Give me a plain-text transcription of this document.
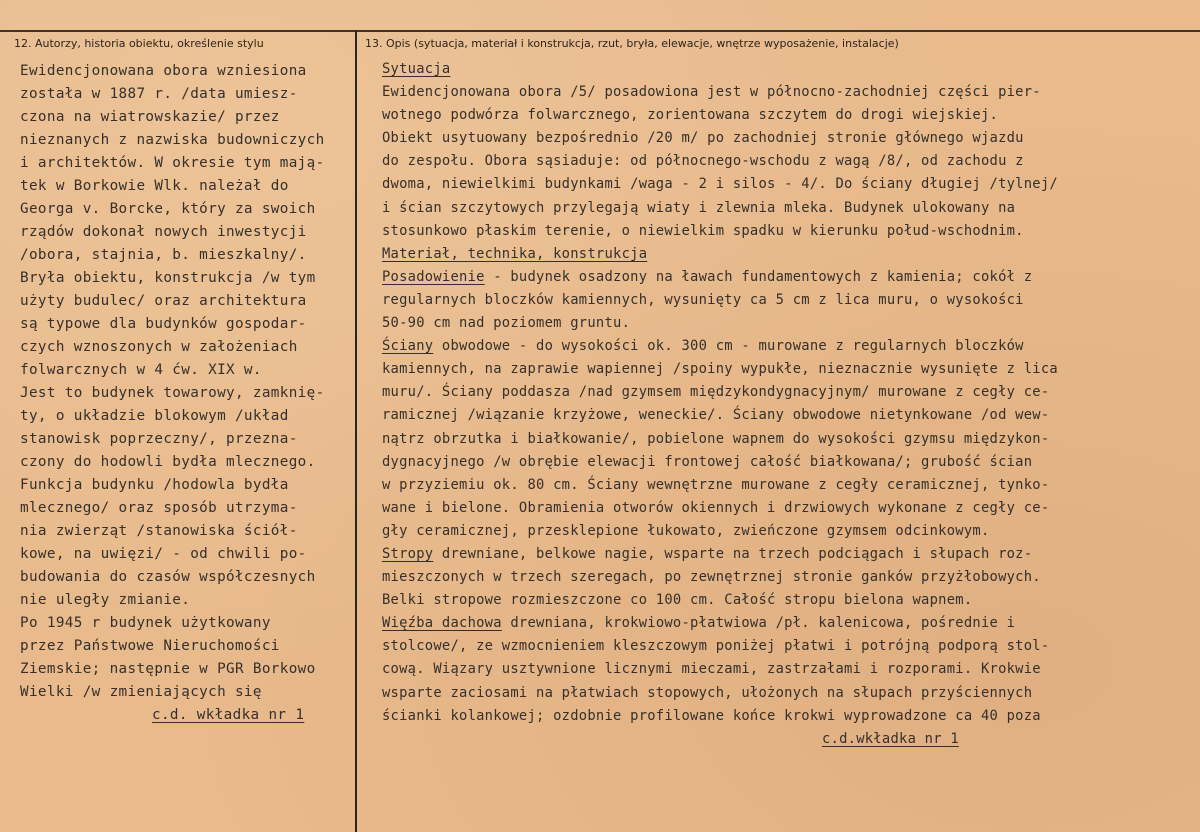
12. Autorzy, historia obiektu, określenie stylu	13. Opis (sytuacja, materiał i konstrukcja, rzut, bryła, elewacje, wnętrze wyposażenie, instalacje)
Ewidencjonowana obora wzniesiona
została w 1887 r. /data umiesz-
czona na wiatrowskazie/ przez
nieznanych z nazwiska budowniczych
i architektów. W okresie tym mają-
tek w Borkowie Wlk. należał do
Georga v. Borcke, który za swoich
rządów dokonał nowych inwestycji
/obora, stajnia, b. mieszkalny/.
Bryła obiektu, konstrukcja /w tym
użyty budulec/ oraz architektura
są typowe dla budynków gospodar-
czych wznoszonych w założeniach
folwarcznych w 4 ćw. XIX w.
Jest to budynek towarowy, zamknię-
ty, o układzie blokowym /układ
stanowisk poprzeczny/, przezna-
czony do hodowli bydła mlecznego.
Funkcja budynku /hodowla bydła
mlecznego/ oraz sposób utrzyma-
nia zwierząt /stanowiska ściół-
kowe, na uwięzi/ - od chwili po-
budowania do czasów współczesnych
nie uległy zmianie.
Po 1945 r budynek użytkowany
przez Państwowe Nieruchomości
Ziemskie; następnie w PGR Borkowo
Wielki /w zmieniających się
c.d. wkładka nr 1
Sytuacja
Ewidencjonowana obora /5/ posadowiona jest w północno-zachodniej części pier-
wotnego podwórza folwarcznego, zorientowana szczytem do drogi wiejskiej.
Obiekt usytuowany bezpośrednio /20 m/ po zachodniej stronie głównego wjazdu
do zespołu. Obora sąsiaduje: od północnego-wschodu z wagą /8/, od zachodu z
dwoma, niewielkimi budynkami /waga - 2 i silos - 4/. Do ściany długiej /tylnej/
i ścian szczytowych przylegają wiaty i zlewnia mleka. Budynek ulokowany na
stosunkowo płaskim terenie, o niewielkim spadku w kierunku połud-wschodnim.
Materiał, technika, konstrukcja
Posadowienie - budynek osadzony na ławach fundamentowych z kamienia; cokół z
regularnych bloczków kamiennych, wysunięty ca 5 cm z lica muru, o wysokości
50-90 cm nad poziomem gruntu.
Ściany obwodowe - do wysokości ok. 300 cm - murowane z regularnych bloczków
kamiennych, na zaprawie wapiennej /spoiny wypukłe, nieznacznie wysunięte z lica
muru/. Ściany poddasza /nad gzymsem międzykondygnacyjnym/ murowane z cegły ce-
ramicznej /wiązanie krzyżowe, weneckie/. Ściany obwodowe nietynkowane /od wew-
nątrz obrzutka i białkowanie/, pobielone wapnem do wysokości gzymsu międzykon-
dygnacyjnego /w obrębie elewacji frontowej całość białkowana/; grubość ścian
w przyziemiu ok. 80 cm. Ściany wewnętrzne murowane z cegły ceramicznej, tynko-
wane i bielone. Obramienia otworów okiennych i drzwiowych wykonane z cegły ce-
gły ceramicznej, przesklepione łukowato, zwieńczone gzymsem odcinkowym.
Stropy drewniane, belkowe nagie, wsparte na trzech podciągach i słupach roz-
mieszczonych w trzech szeregach, po zewnętrznej stronie ganków przyżłobowych.
Belki stropowe rozmieszczone co 100 cm. Całość stropu bielona wapnem.
Więźba dachowa drewniana, krokwiowo-płatwiowa /pł. kalenicowa, pośrednie i
stolcowe/, ze wzmocnieniem kleszczowym poniżej płatwi i potrójną podporą stol-
cową. Wiązary usztywnione licznymi mieczami, zastrzałami i rozporami. Krokwie
wsparte zaciosami na płatwiach stopowych, ułożonych na słupach przyściennych
ścianki kolankowej; ozdobnie profilowane końce krokwi wyprowadzone ca 40 poza
c.d.wkładka nr 1
